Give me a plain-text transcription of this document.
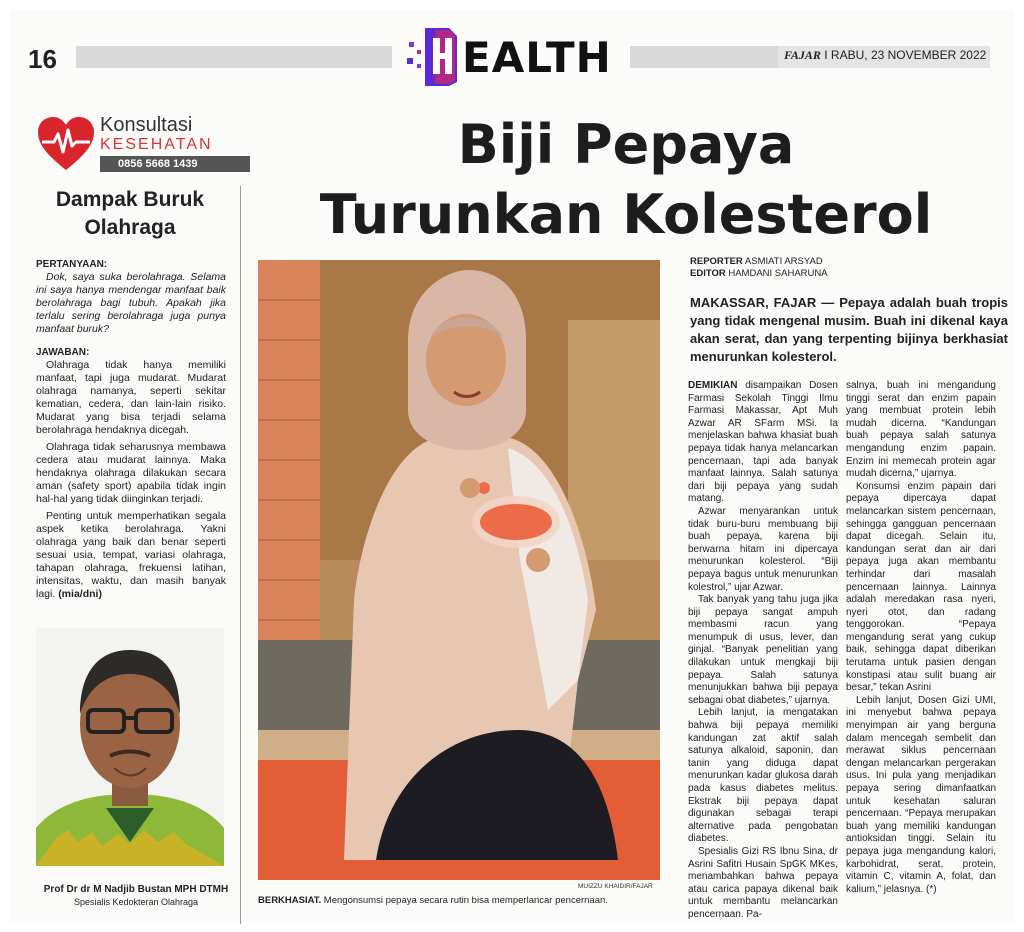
16	EALTH	FAJAR I RABU, 23 NOVEMBER 2022
Konsultasi
KESEHATAN
0856 5668 1439
Dampak Buruk Olahraga
PERTANYAAN:

Dok, saya suka berolahraga. Selama ini saya hanya mendengar manfaat baik berolahraga bagi tubuh. Apakah jika terlalu sering berolahraga juga punya manfaat buruk?

JAWABAN:

Olahraga tidak hanya memiliki manfaat, tapi juga mudarat. Mudarat olahraga namanya, seperti sekitar kematian, cedera, dan lain-lain risiko. Mudarat yang bisa terjadi selama berolahraga hendaknya dicegah.

Olahraga tidak seharusnya membawa cedera atau mudarat lainnya. Maka hendaknya olahraga dilakukan secara aman (safety sport) apabila tidak ingin hal-hal yang tidak diinginkan terjadi.

Penting untuk memperhatikan segala aspek ketika berolahraga. Yakni olahraga yang baik dan benar seperti sesuai usia, tempat, variasi olahraga, tahapan olahraga, frekuensi latihan, intensitas, waktu, dan masih banyak lagi. (mia/dni)

Prof Dr dr M Nadjib Bustan MPH DTMH
Spesialis Kedokteran Olahraga
Biji Pepaya
Turunkan Kolesterol
MUIZZU KHAIDIR/FAJAR
BERKHASIAT. Mengonsumsi pepaya secara rutin bisa memperlancar pencernaan.
REPORTER ASMIATI ARSYAD
EDITOR HAMDANI SAHARUNA
MAKASSAR, FAJAR — Pepaya adalah buah tropis yang tidak mengenal musim. Buah ini dikenal kaya akan serat, dan yang terpenting bijinya berkhasiat menurunkan kolesterol.

DEMIKIAN disampaikan Dosen Farmasi Sekolah Tinggi Ilmu Farmasi Makassar, Apt Muh Azwar AR SFarm MSi. Ia menjelaskan bahwa khasiat buah pepaya tidak hanya melancarkan pencernaan, tapi ada banyak manfaat lainnya. Salah satunya dari biji pepaya yang sudah matang.

Azwar menyarankan untuk tidak buru-buru membuang biji buah pepaya, karena biji berwarna hitam ini dipercaya menurunkan kolesterol. “Biji pepaya bagus untuk menurunkan kolestrol,” ujar Azwar.

Tak banyak yang tahu juga jika biji pepaya sangat ampuh membasmi racun yang menumpuk di usus, lever, dan ginjal. “Banyak penelitian yang dilakukan untuk mengkaji biji pepaya. Salah satunya menunjukkan bahwa biji pepaya sebagai obat diabetes,” ujarnya.

Lebih lanjut, ia mengatakan bahwa biji pepaya memiliki kandungan zat aktif salah satunya alkaloid, saponin, dan tanin yang diduga dapat menurunkan kadar glukosa darah pada kasus diabetes melitus. Ekstrak biji pepaya dapat digunakan sebagai terapi alternative pada pengobatan diabetes.

Spesialis Gizi RS Ibnu Sina, dr Asrini Safitri Husain SpGK MKes, menambahkan bahwa pepaya atau carica papaya dikenal baik untuk membantu melancarkan pencernaan. Pa-

salnya, buah ini mengandung tinggi serat dan enzim papain yang membuat protein lebih mudah dicerna. “Kandungan buah pepaya salah satunya mengandung enzim papain. Enzim ini memecah protein agar mudah dicerna,” ujarnya.

Konsumsi enzim papain dari pepaya dipercaya dapat melancarkan sistem pencernaan, sehingga gangguan pencernaan dapat dicegah. Selain itu, kandungan serat dan air dari pepaya juga akan membantu terhindar dari masalah pencernaan lainnya. Lainnya adalah meredakan rasa nyeri, nyeri otot, dan radang tenggorokan. “Pepaya mengandung serat yang cukup baik, sehingga dapat diberikan terutama untuk pasien dengan konstipasi atau sulit buang air besar,” tekan Asrini

Lebih lanjut, Dosen Gizi UMI, ini menyebut bahwa pepaya menyimpan air yang berguna dalam mencegah sembelit dan merawat siklus pencernaan dengan melancarkan pergerakan usus. Ini pula yang menjadikan pepaya sering dimanfaatkan untuk kesehatan saluran pencernaan. “Pepaya merupakan buah yang memiliki kandungan antioksidan tinggi. Selain itu pepaya juga mengandung kalori, karbohidrat, serat, protein, vitamin C, vitamin A, folat, dan kalium,” jelasnya. (*)
